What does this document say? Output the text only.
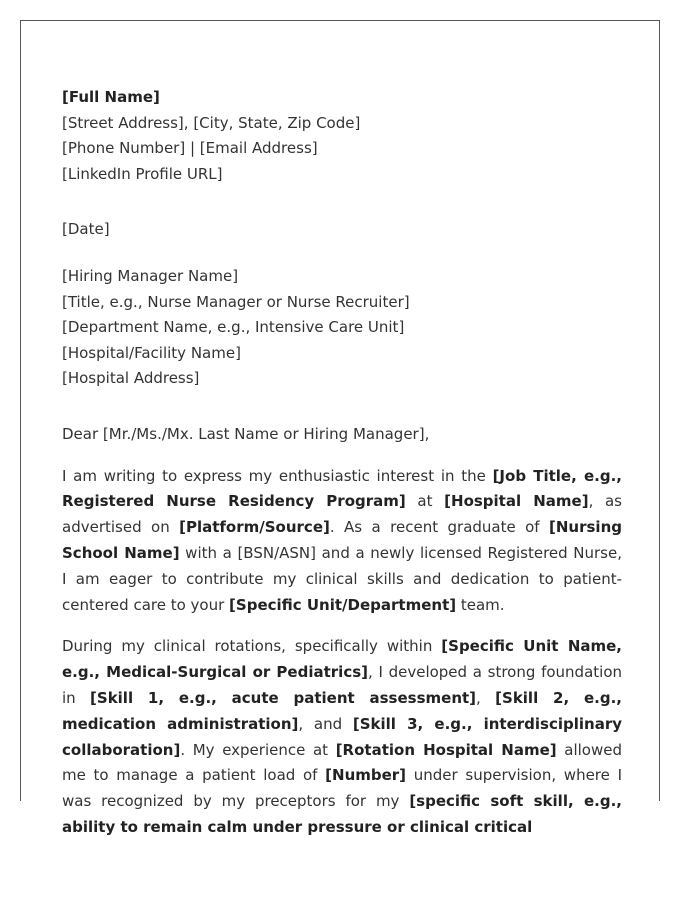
[Full Name]
[Street Address], [City, State, Zip Code]
[Phone Number] | [Email Address]
[LinkedIn Profile URL]
[Date]
[Hiring Manager Name]
[Title, e.g., Nurse Manager or Nurse Recruiter]
[Department Name, e.g., Intensive Care Unit]
[Hospital/Facility Name]
[Hospital Address]
Dear [Mr./Ms./Mx. Last Name or Hiring Manager],

I am writing to express my enthusiastic interest in the [Job Title, e.g., Registered Nurse Residency Program] at [Hospital Name], as advertised on [Platform/Source]. As a recent graduate of [Nursing School Name] with a [BSN/ASN] and a newly licensed Registered Nurse, I am eager to contribute my clinical skills and dedication to patient-centered care to your [Specific Unit/Department] team.

During my clinical rotations, specifically within [Specific Unit Name, e.g., Medical-Surgical or Pediatrics], I developed a strong foundation in [Skill 1, e.g., acute patient assessment], [Skill 2, e.g., medication administration], and [Skill 3, e.g., interdisciplinary collaboration]. My experience at [Rotation Hospital Name] allowed me to manage a patient load of [Number] under supervision, where I was recognized by my preceptors for my [specific soft skill, e.g., ability to remain calm under pressure or clinical critical
